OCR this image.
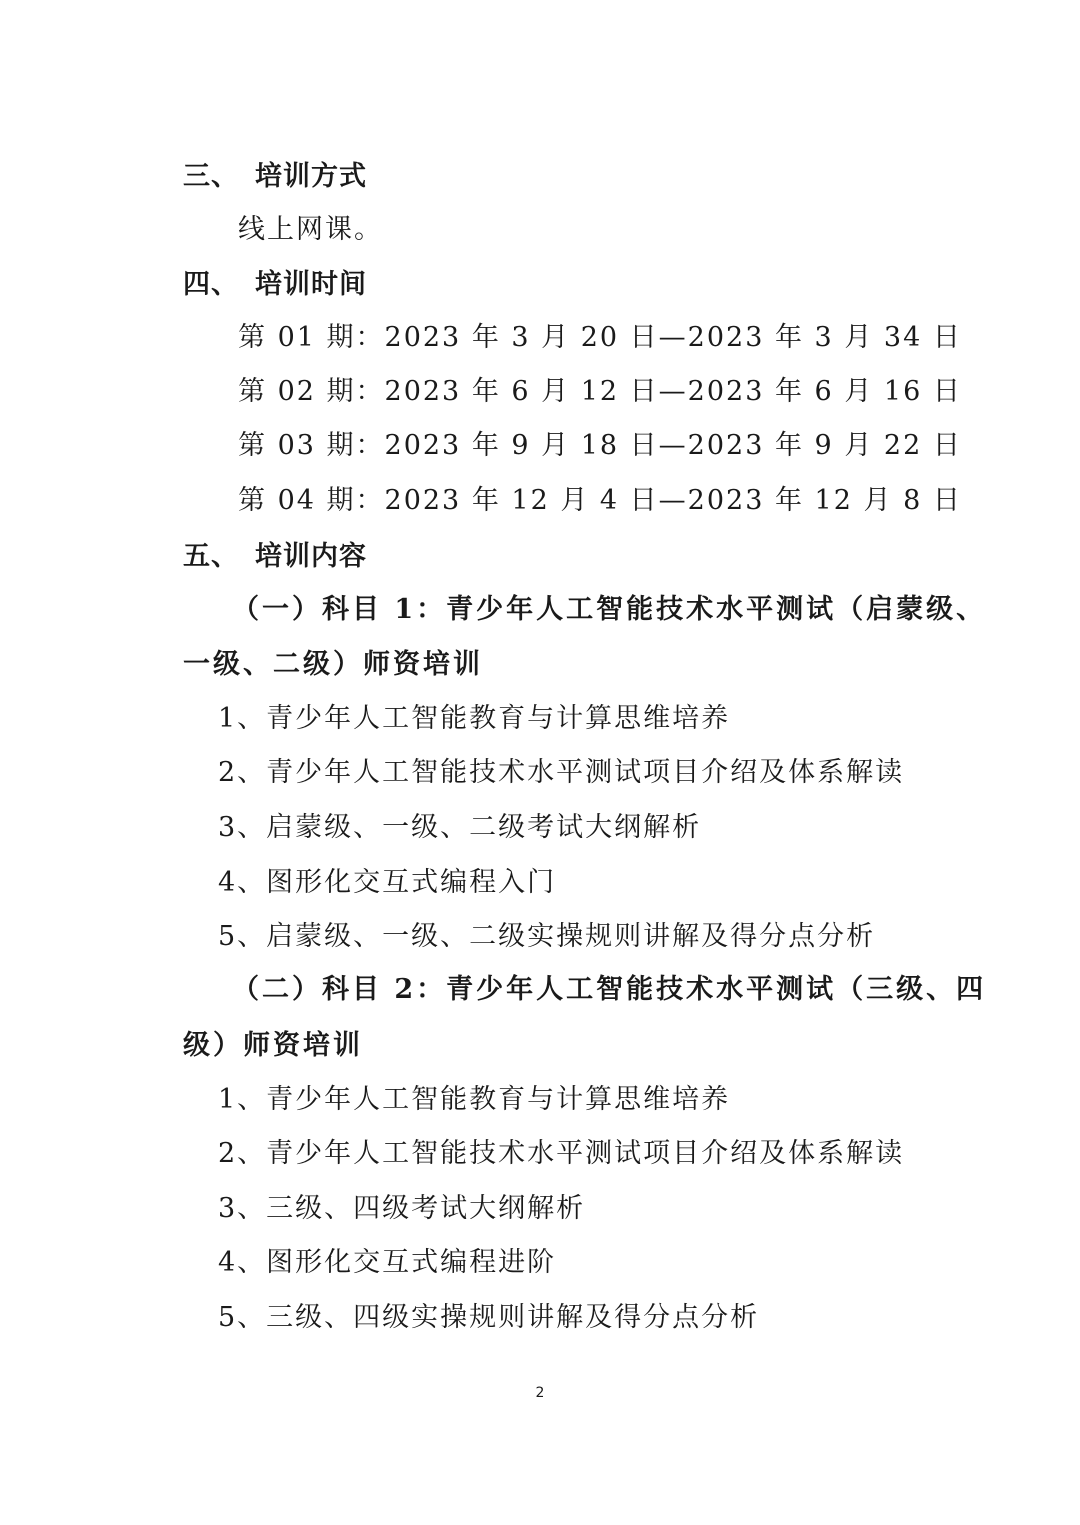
三、 培训方式
线上网课。
四、 培训时间
第 01 期：2023 年 3 月 20 日—2023 年 3 月 34 日
第 02 期：2023 年 6 月 12 日—2023 年 6 月 16 日
第 03 期：2023 年 9 月 18 日—2023 年 9 月 22 日
第 04 期：2023 年 12 月 4 日—2023 年 12 月 8 日
五、 培训内容
（一）科目 1：青少年人工智能技术水平测试（启蒙级、
一级、二级）师资培训
1、青少年人工智能教育与计算思维培养
2、青少年人工智能技术水平测试项目介绍及体系解读
3、启蒙级、一级、二级考试大纲解析
4、图形化交互式编程入门
5、启蒙级、一级、二级实操规则讲解及得分点分析
（二）科目 2：青少年人工智能技术水平测试（三级、四
级）师资培训
1、青少年人工智能教育与计算思维培养
2、青少年人工智能技术水平测试项目介绍及体系解读
3、三级、四级考试大纲解析
4、图形化交互式编程进阶
5、三级、四级实操规则讲解及得分点分析
2
